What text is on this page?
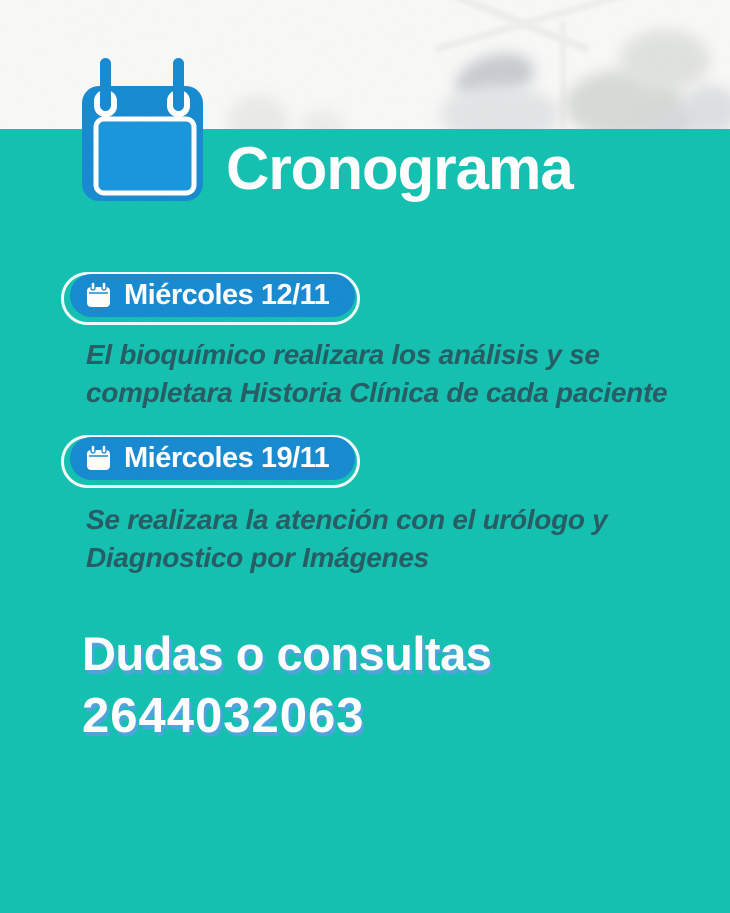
Cronograma
Miércoles 12/11

El bioquímico realizara los análisis y se completara Historia Clínica de cada paciente

Miércoles 19/11

Se realizara la atención con el urólogo y Diagnostico por Imágenes

Dudas o consultas
2644032063
